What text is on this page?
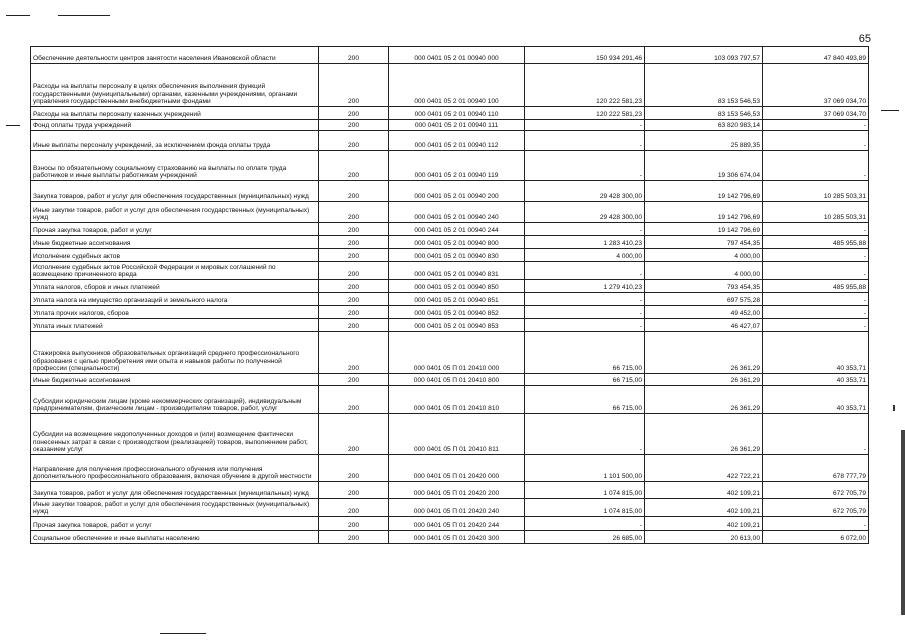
65
Обеспечение деятельности центров занятости населения Ивановской области	200	000 0401 05 2 01 00940 000	150 934 291,46	103 093 797,57	47 840 493,89
Расходы на выплаты персоналу в целях обеспечения выполнения функций государственными (муниципальными) органами, казенными учреждениями, органами управления государственными внебюджетными фондами	200	000 0401 05 2 01 00940 100	120 222 581,23	83 153 546,53	37 069 034,70
Расходы на выплаты персоналу казенных учреждений	200	000 0401 05 2 01 00940 110	120 222 581,23	83 153 546,53	37 069 034,70
Фонд оплаты труда учреждений	200	000 0401 05 2 01 00940 111	-	63 820 983,14	-
Иные выплаты персоналу учреждений, за исключением фонда оплаты труда	200	000 0401 05 2 01 00940 112	-	25 889,35	-
Взносы по обязательному социальному страхованию на выплаты по оплате труда работников и иные выплаты работникам учреждений	200	000 0401 05 2 01 00940 119	-	19 306 674,04	-
Закупка товаров, работ и услуг для обеспечения государственных (муниципальных) нужд	200	000 0401 05 2 01 00940 200	29 428 300,00	19 142 796,69	10 285 503,31
Иные закупки товаров, работ и услуг для обеспечения государственных (муниципальных) нужд	200	000 0401 05 2 01 00940 240	29 428 300,00	19 142 796,69	10 285 503,31
Прочая закупка товаров, работ и услуг	200	000 0401 05 2 01 00940 244	-	19 142 796,69	-
Иные бюджетные ассигнования	200	000 0401 05 2 01 00940 800	1 283 410,23	797 454,35	485 955,88
Исполнение судебных актов	200	000 0401 05 2 01 00940 830	4 000,00	4 000,00	-
Исполнение судебных актов Российской Федерации и мировых соглашений по возмещению причиненного вреда	200	000 0401 05 2 01 00940 831	-	4 000,00	-
Уплата налогов, сборов и иных платежей	200	000 0401 05 2 01 00940 850	1 279 410,23	793 454,35	485 955,88
Уплата налога на имущество организаций и земельного налога	200	000 0401 05 2 01 00940 851	-	697 575,28	-
Уплата прочих налогов, сборов	200	000 0401 05 2 01 00940 852	-	49 452,00	-
Уплата иных платежей	200	000 0401 05 2 01 00940 853	-	46 427,07	-
Стажировка выпускников образовательных организаций среднего профессионального образования с целью приобретения ими опыта и навыков работы по полученной профессии (специальности)	200	000 0401 05 П 01 20410 000	66 715,00	26 361,29	40 353,71
Иные бюджетные ассигнования	200	000 0401 05 П 01 20410 800	66 715,00	26 361,29	40 353,71
Субсидии юридическим лицам (кроме некоммерческих организаций), индивидуальным предпринимателям, физическим лицам - производителям товаров, работ, услуг	200	000 0401 05 П 01 20410 810	66 715,00	26 361,29	40 353,71
Субсидии на возмещение недополученных доходов и (или) возмещение фактически понесенных затрат в связи с производством (реализацией) товаров, выполнением работ, оказанием услуг	200	000 0401 05 П 01 20410 811	-	26 361,29	-
Направление для получения профессионального обучения или получения дополнительного профессионального образования, включая обучение в другой местности	200	000 0401 05 П 01 20420 000	1 101 500,00	422 722,21	678 777,79
Закупка товаров, работ и услуг для обеспечения государственных (муниципальных) нужд	200	000 0401 05 П 01 20420 200	1 074 815,00	402 109,21	672 705,79
Иные закупки товаров, работ и услуг для обеспечения государственных (муниципальных) нужд	200	000 0401 05 П 01 20420 240	1 074 815,00	402 109,21	672 705,79
Прочая закупка товаров, работ и услуг	200	000 0401 05 П 01 20420 244	-	402 109,21	-
Социальное обеспечение и иные выплаты населению	200	000 0401 05 П 01 20420 300	26 685,00	20 613,00	6 072,00
